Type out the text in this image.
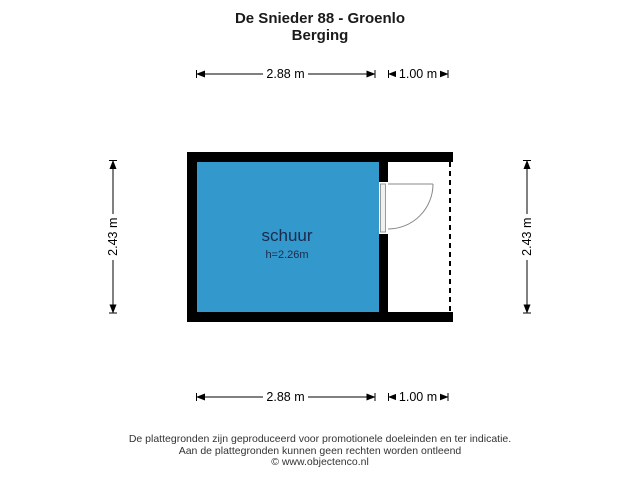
De Snieder 88 - Groenlo
Berging
schuur
h=2.26m
2.88 m	1.00 m
2.88 m	1.00 m
2.43 m	2.43 m
De plattegronden zijn geproduceerd voor promotionele doeleinden en ter indicatie.
Aan de plattegronden kunnen geen rechten worden ontleend
© www.objectenco.nl
